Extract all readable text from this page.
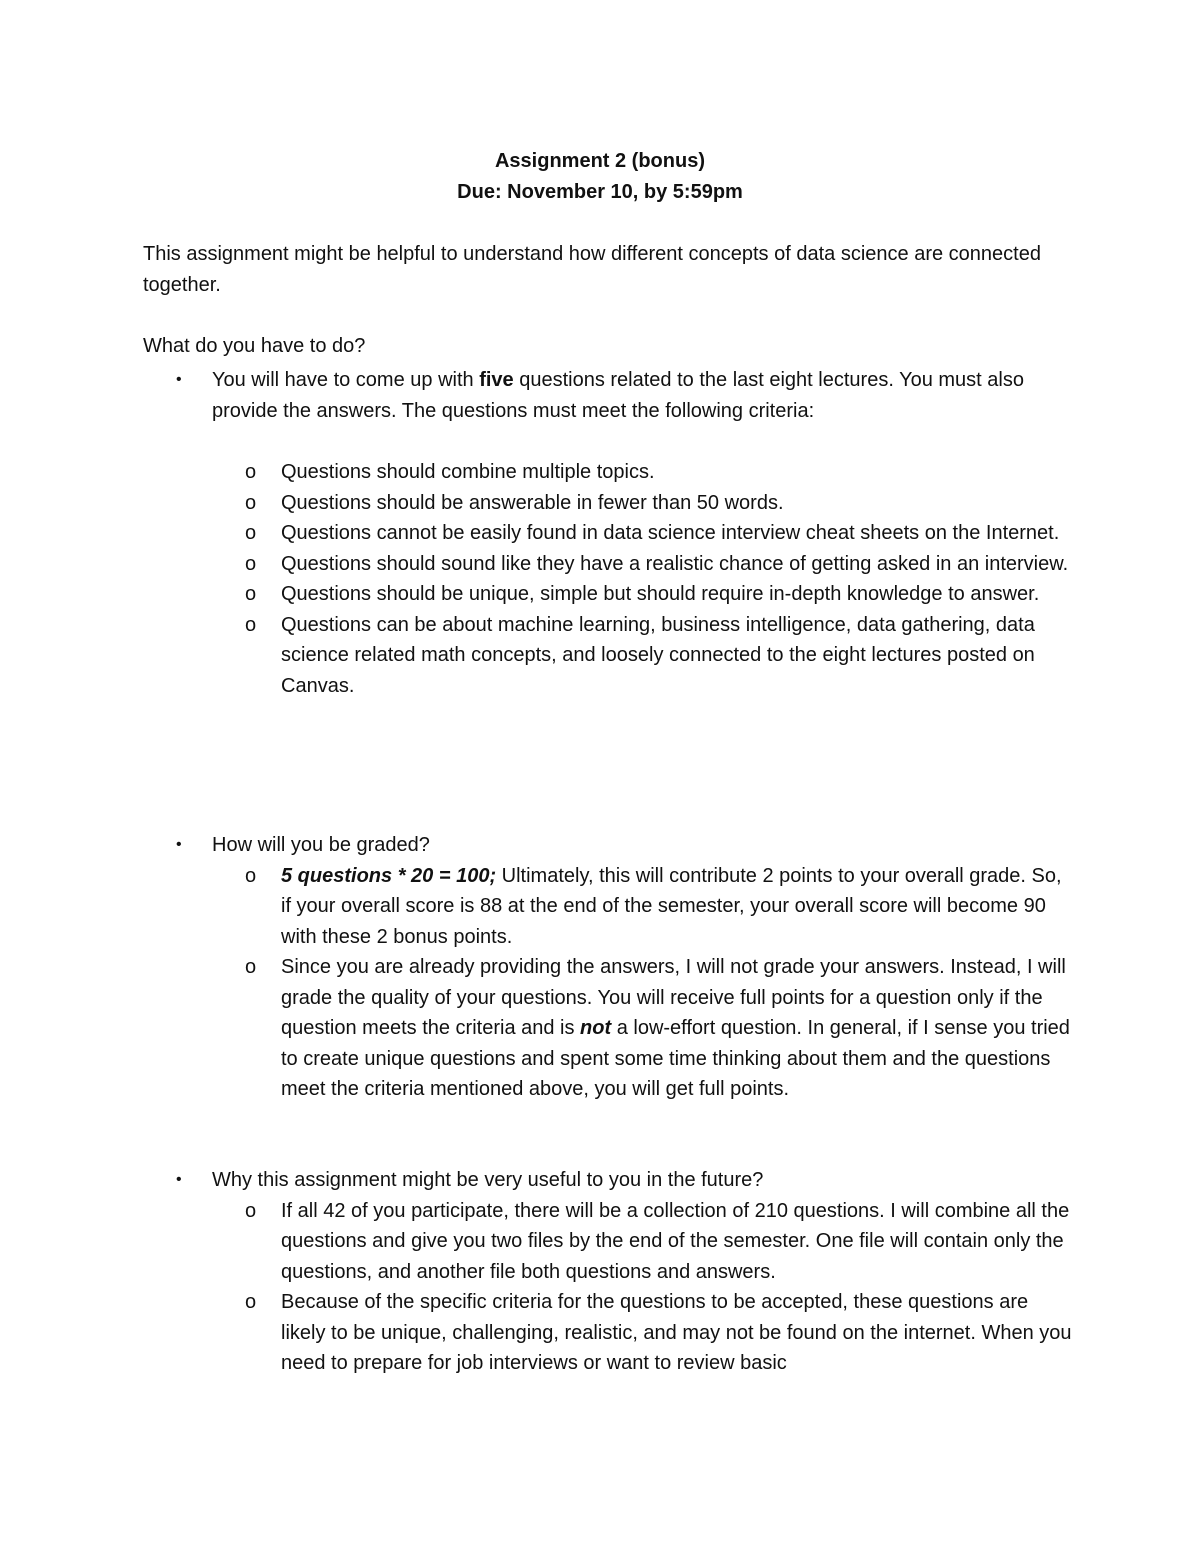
Assignment 2 (bonus)
Due: November 10, by 5:59pm
This assignment might be helpful to understand how different concepts of data science are connected together.
What do you have to do?
• You will have to come up with five questions related to the last eight lectures. You must also provide the answers. The questions must meet the following criteria:
o Questions should combine multiple topics.
o Questions should be answerable in fewer than 50 words.
o Questions cannot be easily found in data science interview cheat sheets on the Internet.
o Questions should sound like they have a realistic chance of getting asked in an interview.
o Questions should be unique, simple but should require in-depth knowledge to answer.
o Questions can be about machine learning, business intelligence, data gathering, data science related math concepts, and loosely connected to the eight lectures posted on Canvas.
• How will you be graded?
o 5 questions * 20 = 100; Ultimately, this will contribute 2 points to your overall grade. So, if your overall score is 88 at the end of the semester, your overall score will become 90 with these 2 bonus points.
o Since you are already providing the answers, I will not grade your answers. Instead, I will grade the quality of your questions. You will receive full points for a question only if the question meets the criteria and is not a low-effort question. In general, if I sense you tried to create unique questions and spent some time thinking about them and the questions meet the criteria mentioned above, you will get full points.
• Why this assignment might be very useful to you in the future?
o If all 42 of you participate, there will be a collection of 210 questions. I will combine all the questions and give you two files by the end of the semester. One file will contain only the questions, and another file both questions and answers.
o Because of the specific criteria for the questions to be accepted, these questions are likely to be unique, challenging, realistic, and may not be found on the internet. When you need to prepare for job interviews or want to review basic
